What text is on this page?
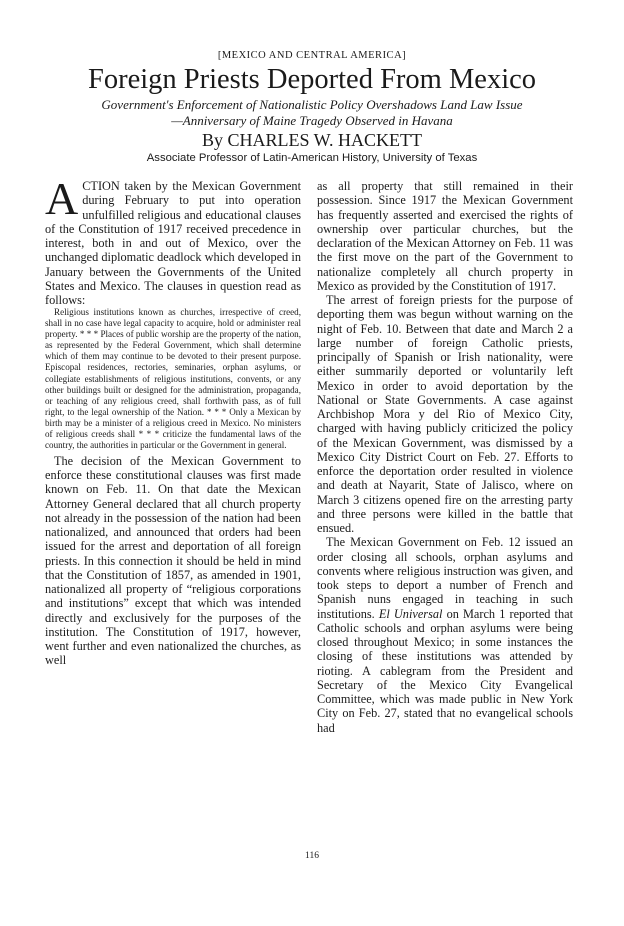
[MEXICO AND CENTRAL AMERICA]
Foreign Priests Deported From Mexico
Government's Enforcement of Nationalistic Policy Overshadows Land Law Issue
—Anniversary of Maine Tragedy Observed in Havana
By CHARLES W. HACKETT
Associate Professor of Latin-American History, University of Texas

ACTION taken by the Mexican Government during February to put into operation unfulfilled religious and educational clauses of the Constitution of 1917 received precedence in interest, both in and out of Mexico, over the unchanged diplomatic deadlock which developed in January between the Governments of the United States and Mexico. The clauses in question read as follows:

Religious institutions known as churches, irrespective of creed, shall in no case have legal capacity to acquire, hold or administer real property. * * * Places of public worship are the property of the nation, as represented by the Federal Government, which shall determine which of them may continue to be devoted to their present purpose. Episcopal residences, rectories, seminaries, orphan asylums, or collegiate establishments of religious institutions, convents, or any other buildings built or designed for the administration, propaganda, or teaching of any religious creed, shall forthwith pass, as of full right, to the legal ownership of the Nation. * * * Only a Mexican by birth may be a minister of a religious creed in Mexico. No ministers of religious creeds shall * * * criticize the fundamental laws of the country, the authorities in particular or the Government in general.

The decision of the Mexican Government to enforce these constitutional clauses was first made known on Feb. 11. On that date the Mexican Attorney General declared that all church property not already in the possession of the nation had been nationalized, and announced that orders had been issued for the arrest and deportation of all foreign priests. In this connection it should be held in mind that the Constitution of 1857, as amended in 1901, nationalized all property of “religious corporations and institutions” except that which was intended directly and exclusively for the purposes of the institution. The Constitution of 1917, however, went further and even nationalized the churches, as well

as all property that still remained in their possession. Since 1917 the Mexican Government has frequently asserted and exercised the rights of ownership over particular churches, but the declaration of the Mexican Attorney on Feb. 11 was the first move on the part of the Government to nationalize completely all church property in Mexico as provided by the Constitution of 1917.

The arrest of foreign priests for the purpose of deporting them was begun without warning on the night of Feb. 10. Between that date and March 2 a large number of foreign Catholic priests, principally of Spanish or Irish nationality, were either summarily deported or voluntarily left Mexico in order to avoid deportation by the National or State Governments. A case against Archbishop Mora y del Rio of Mexico City, charged with having publicly criticized the policy of the Mexican Government, was dismissed by a Mexico City District Court on Feb. 27. Efforts to enforce the deportation order resulted in violence and death at Nayarit, State of Jalisco, where on March 3 citizens opened fire on the arresting party and three persons were killed in the battle that ensued.

The Mexican Government on Feb. 12 issued an order closing all schools, orphan asylums and convents where religious instruction was given, and took steps to deport a number of French and Spanish nuns engaged in teaching in such institutions. El Universal on March 1 reported that Catholic schools and orphan asylums were being closed throughout Mexico; in some instances the closing of these institutions was attended by rioting. A cablegram from the President and Secretary of the Mexico City Evangelical Committee, which was made public in New York City on Feb. 27, stated that no evangelical schools had

116
